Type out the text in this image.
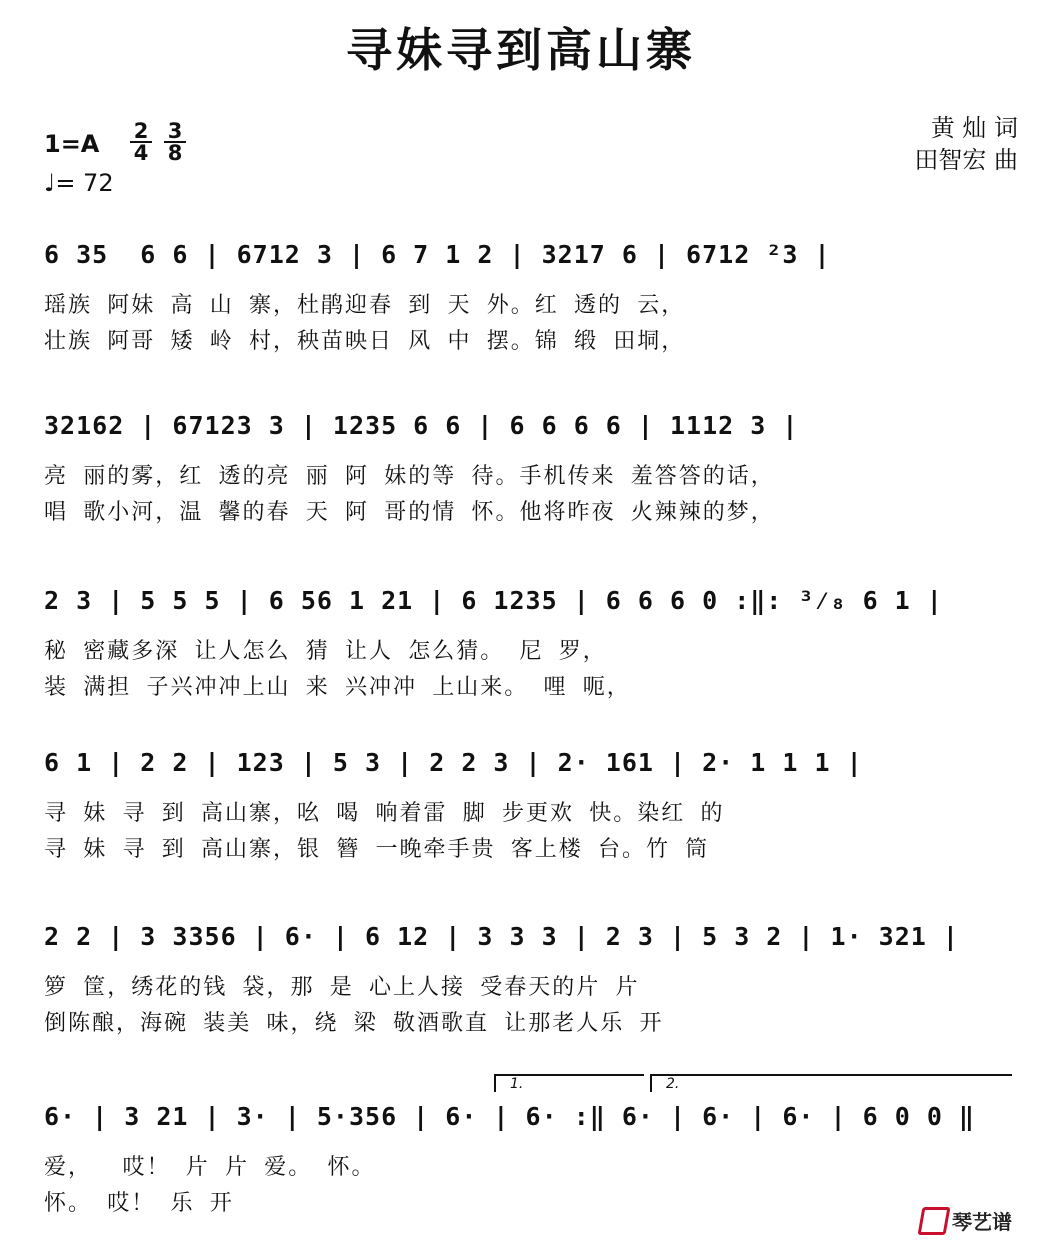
寻妹寻到高山寨
1=A 2
4
3
8
♩= 72
黄 灿 词
田智宏 曲
6 35  6 6 | 6712 3 | 6 7 1 2 | 3217 6 | 6712 ²3 |
瑶族 阿妹 高 山 寨，杜鹃迎春 到 天 外。红 透的 云，
壮族 阿哥 矮 岭 村，秧苗映日 风 中 摆。锦 缎 田垌，
32162 | 67123 3 | 1235 6 6 | 6 6 6 6 | 1112 3 |
亮 丽的雾，红 透的亮 丽 阿 妹的等 待。手机传来 羞答答的话，
唱 歌小河，温 馨的春 天 阿 哥的情 怀。他将昨夜 火辣辣的梦，
2 3 | 5 5 5 | 6 56 1 21 | 6 1235 | 6 6 6 0 :‖: ³⁄₈ 6 1 |
秘 密藏多深 让人怎么 猜 让人 怎么猜。 尼 罗，
装 满担 子兴冲冲上山 来 兴冲冲 上山来。 哩 呃，
6 1 | 2 2 | 123 | 5 3 | 2 2 3 | 2· 161 | 2· 1 1 1 |
寻 妹 寻 到 高山寨，吆 喝 响着雷 脚 步更欢 快。染红 的
寻 妹 寻 到 高山寨，银 簪 一晚牵手贵 客上楼 台。竹 筒
2 2 | 3 3356 | 6· | 6 12 | 3 3 3 | 2 3 | 5 3 2 | 1· 321 |
箩 筐，绣花的钱 袋，那 是 心上人接 受春天的片 片
倒陈酿，海碗 装美 味，绕 梁 敬酒歌直 让那老人乐 开
1.	2.
6· | 3 21 | 3· | 5·356 | 6· | 6· :‖ 6· | 6· | 6· | 6 0 0 ‖
爱，  哎！ 片 片 爱。 怀。
怀。 哎！ 乐 开
琴艺谱
